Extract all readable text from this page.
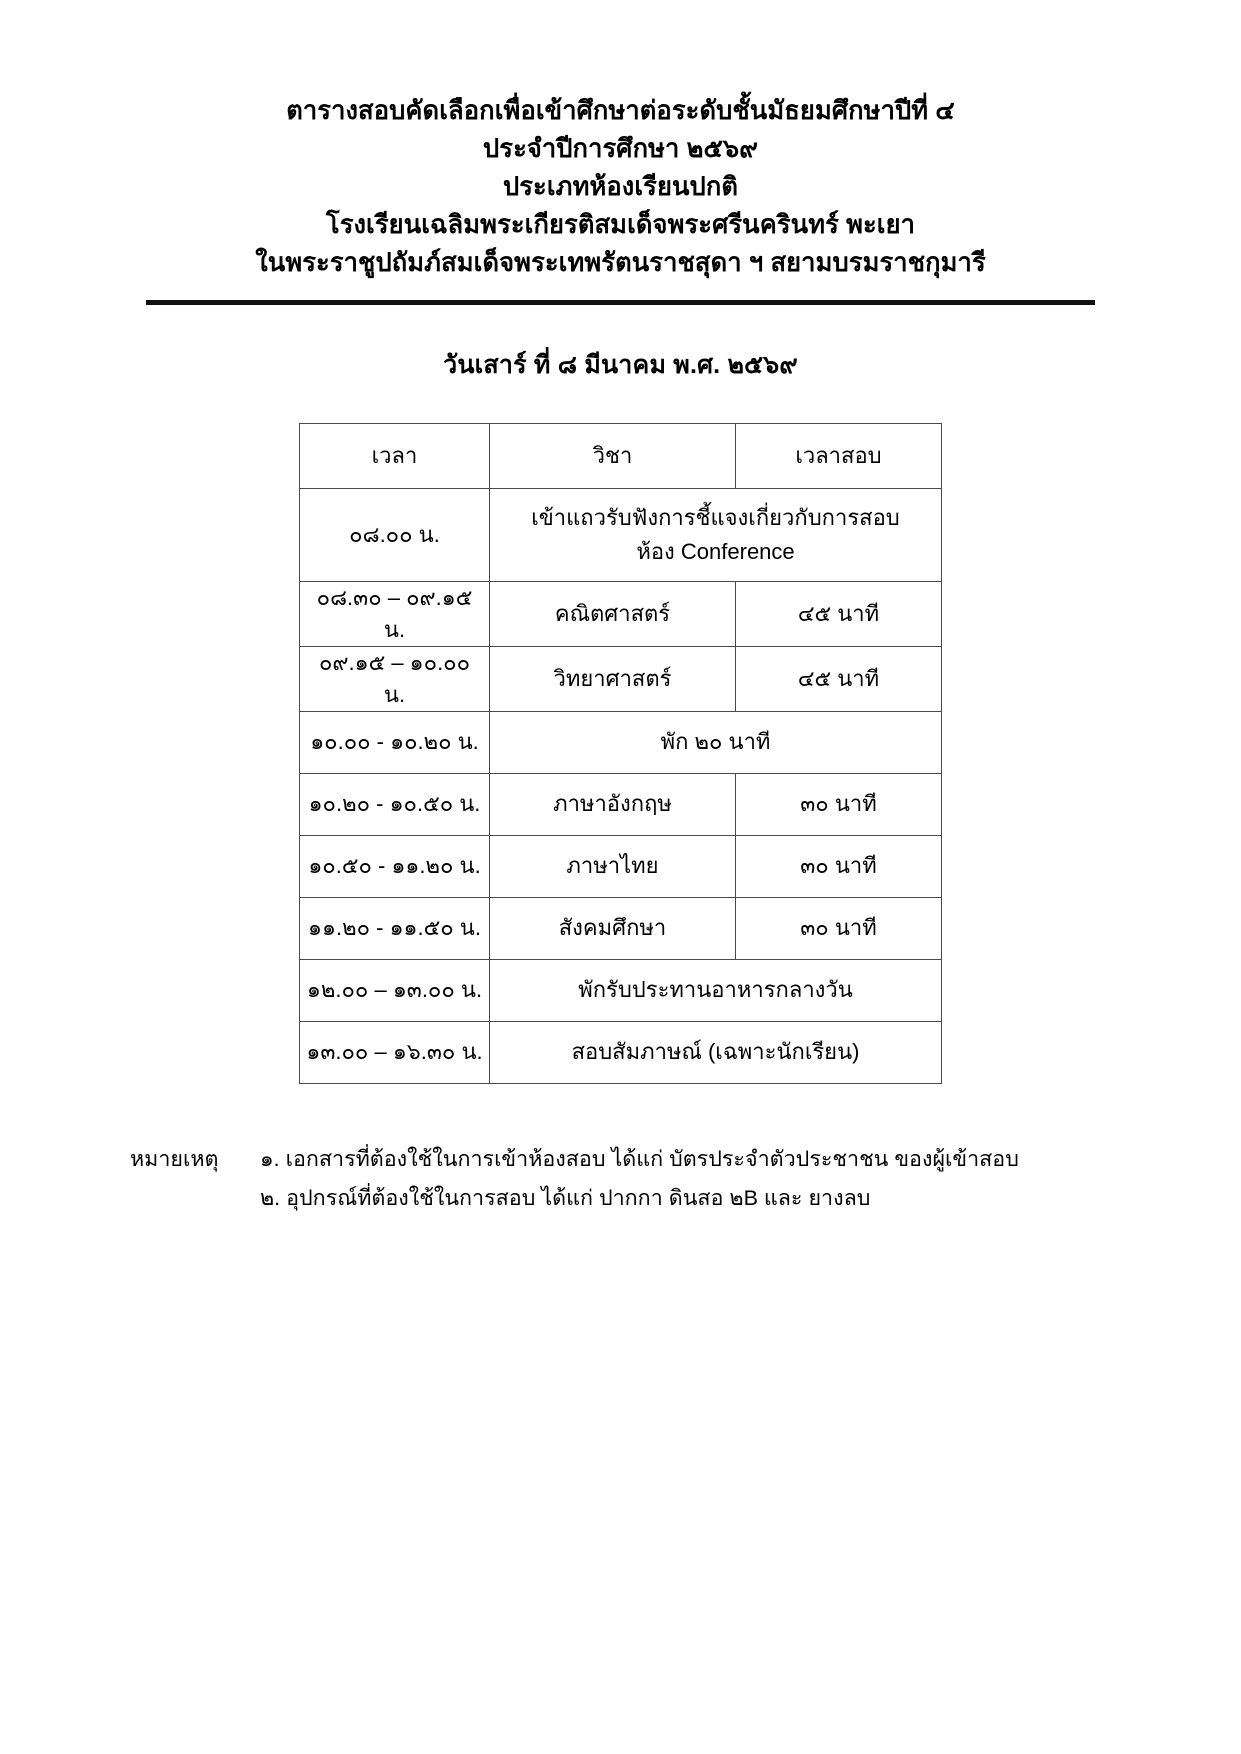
ตารางสอบคัดเลือกเพื่อเข้าศึกษาต่อระดับชั้นมัธยมศึกษาปีที่ ๔
ประจำปีการศึกษา ๒๕๖๙
ประเภทห้องเรียนปกติ
โรงเรียนเฉลิมพระเกียรติสมเด็จพระศรีนครินทร์ พะเยา
ในพระราชูปถัมภ์สมเด็จพระเทพรัตนราชสุดา ฯ สยามบรมราชกุมารี
วันเสาร์ ที่ ๘ มีนาคม พ.ศ. ๒๕๖๙
เวลา	วิชา	เวลาสอบ
๐๘.๐๐ น.	เข้าแถวรับฟังการชี้แจงเกี่ยวกับการสอบ
ห้อง Conference	

๐๘.๓๐ – ๐๙.๑๕ น.	คณิตศาสตร์	๔๕ นาที
๐๙.๑๕ – ๑๐.๐๐ น.	วิทยาศาสตร์	๔๕ นาที
๑๐.๐๐ - ๑๐.๒๐ น.	พัก ๒๐ นาที	
๑๐.๒๐ - ๑๐.๕๐ น.	ภาษาอังกฤษ	๓๐ นาที
๑๐.๕๐ - ๑๑.๒๐ น.	ภาษาไทย	๓๐ นาที
๑๑.๒๐ - ๑๑.๕๐ น.	สังคมศึกษา	๓๐ นาที
๑๒.๐๐ – ๑๓.๐๐ น.	พักรับประทานอาหารกลางวัน	
๑๓.๐๐ – ๑๖.๓๐ น.	สอบสัมภาษณ์ (เฉพาะนักเรียน)	
หมายเหตุ	๑. เอกสารที่ต้องใช้ในการเข้าห้องสอบ ได้แก่ บัตรประจำตัวประชาชน ของผู้เข้าสอบ
๒. อุปกรณ์ที่ต้องใช้ในการสอบ ได้แก่ ปากกา ดินสอ ๒B และ ยางลบ
